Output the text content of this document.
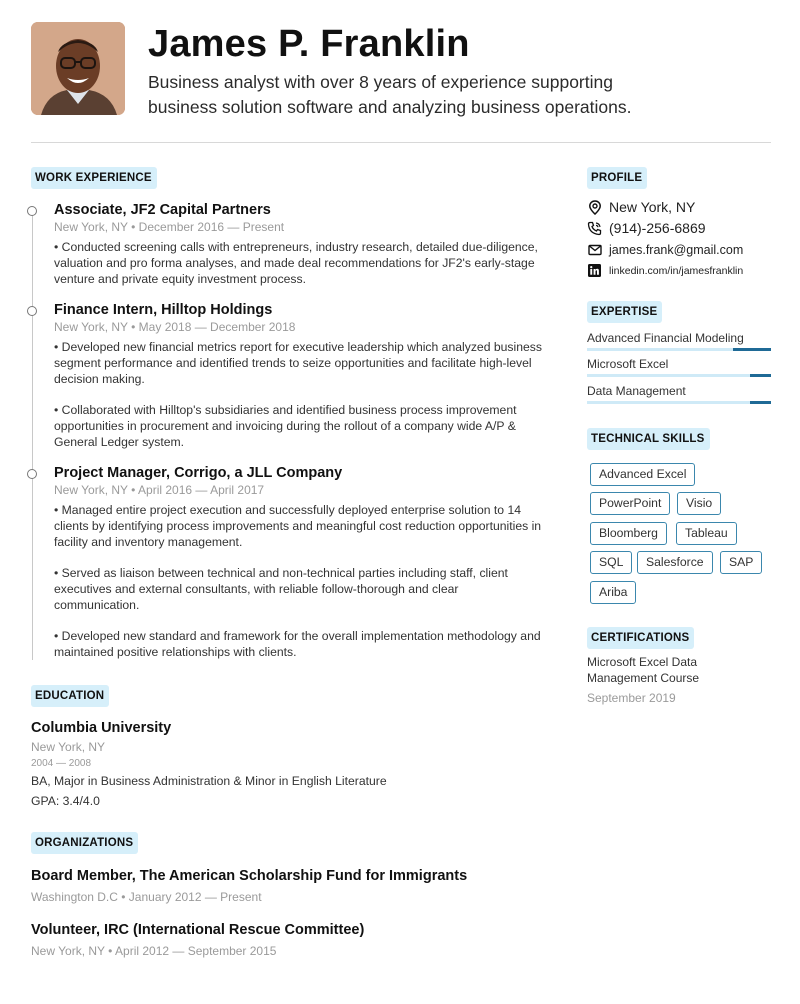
James P. Franklin
Business analyst with over 8 years of experience supporting
business solution software and analyzing business operations.
WORK EXPERIENCE
Associate, JF2 Capital Partners
New York, NY • December 2016 — Present

• Conducted screening calls with entrepreneurs, industry research, detailed due-diligence, valuation and pro forma analyses, and made deal recommendations for JF2's early-stage venture and private equity investment process.

Finance Intern, Hilltop Holdings
New York, NY • May 2018 — December 2018

• Developed new financial metrics report for executive leadership which analyzed business segment performance and identified trends to seize opportunities and facilitate high-level decision making.

• Collaborated with Hilltop's subsidiaries and identified business process improvement opportunities in procurement and invoicing during the rollout of a company wide A/P & General Ledger system.

Project Manager, Corrigo, a JLL Company
New York, NY • April 2016 — April 2017

• Managed entire project execution and successfully deployed enterprise solution to 14 clients by identifying process improvements and meaningful cost reduction opportunities in facility and inventory management.

• Served as liaison between technical and non-technical parties including staff, client executives and external consultants, with reliable follow-thorough and clear communication.

• Developed new standard and framework for the overall implementation methodology and maintained positive relationships with clients.

EDUCATION
Columbia University
New York, NY
2004 — 2008
BA, Major in Business Administration & Minor in English Literature
GPA: 3.4/4.0
ORGANIZATIONS
Board Member, The American Scholarship Fund for Immigrants
Washington D.C • January 2012 — Present
Volunteer, IRC (International Rescue Committee)
New York, NY • April 2012 — September 2015
PROFILE
New York, NY
(914)-256-6869
james.frank@gmail.com
linkedin.com/in/jamesfranklin
EXPERTISE
Advanced Financial Modeling
Microsoft Excel
Data Management
TECHNICAL SKILLS
Advanced Excel
PowerPoint	Visio
Bloomberg	Tableau
SQL	Salesforce	SAP
Ariba
CERTIFICATIONS
Microsoft Excel Data
Management Course
September 2019
